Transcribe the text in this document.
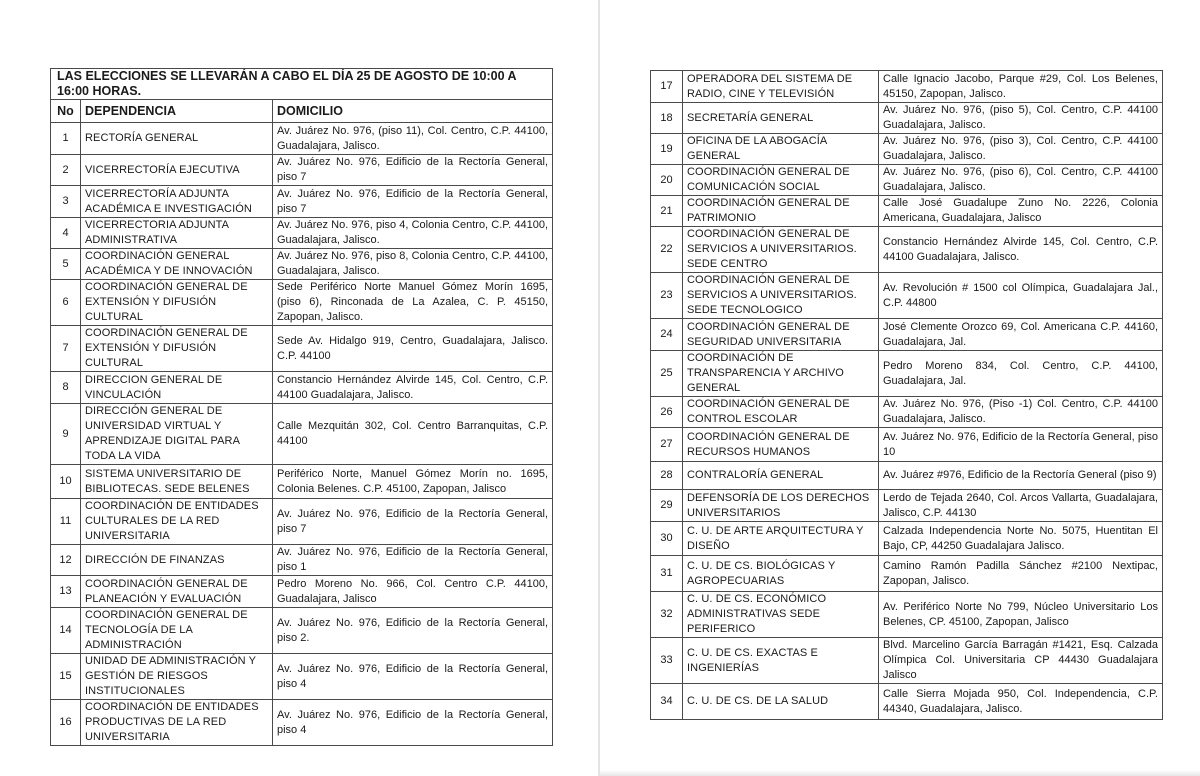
LAS ELECCIONES SE LLEVARÁN A CABO EL DÍA 25 DE AGOSTO DE 10:00 A 16:00 HORAS.		
No	DEPENDENCIA	DOMICILIO
1	RECTORÍA GENERAL	Av. Juárez No. 976, (piso 11), Col. Centro, C.P. 44100, Guadalajara, Jalisco.
2	VICERRECTORÍA EJECUTIVA	Av. Juárez No. 976, Edificio de la Rectoría General, piso 7
3	VICERRECTORÍA ADJUNTA ACADÉMICA E INVESTIGACIÓN	Av. Juárez No. 976, Edificio de la Rectoría General, piso 7
4	VICERRECTORIA ADJUNTA ADMINISTRATIVA	Av. Juárez No. 976, piso 4, Colonia Centro, C.P. 44100, Guadalajara, Jalisco.
5	COORDINACIÓN GENERAL ACADÉMICA Y DE INNOVACIÓN	Av. Juárez No. 976, piso 8, Colonia Centro, C.P. 44100, Guadalajara, Jalisco.
6	COORDINACIÓN GENERAL DE EXTENSIÓN Y DIFUSIÓN CULTURAL	Sede Periférico Norte Manuel Gómez Morín 1695, (piso 6), Rinconada de La Azalea, C. P. 45150, Zapopan, Jalisco.
7	COORDINACIÓN GENERAL DE EXTENSIÓN Y DIFUSIÓN CULTURAL	Sede Av. Hidalgo 919, Centro, Guadalajara, Jalisco. C.P. 44100
8	DIRECCION GENERAL DE VINCULACIÓN	Constancio Hernández Alvirde 145, Col. Centro, C.P. 44100 Guadalajara, Jalisco.
9	DIRECCIÓN GENERAL DE UNIVERSIDAD VIRTUAL Y APRENDIZAJE DIGITAL PARA TODA LA VIDA	Calle Mezquitán 302, Col. Centro Barranquitas, C.P. 44100
10	SISTEMA UNIVERSITARIO DE BIBLIOTECAS. SEDE BELENES	Periférico Norte, Manuel Gómez Morín no. 1695, Colonia Belenes. C.P. 45100, Zapopan, Jalisco
11	COORDINACIÓN DE ENTIDADES CULTURALES DE LA RED UNIVERSITARIA	Av. Juárez No. 976, Edificio de la Rectoría General, piso 7
12	DIRECCIÓN DE FINANZAS	Av. Juárez No. 976, Edificio de la Rectoría General, piso 1
13	COORDINACIÓN GENERAL DE PLANEACIÓN Y EVALUACIÓN	Pedro Moreno No. 966, Col. Centro C.P. 44100, Guadalajara, Jalisco
14	COORDINACIÓN GENERAL DE TECNOLOGÍA DE LA ADMINISTRACIÓN	Av. Juárez No. 976, Edificio de la Rectoría General, piso 2.
15	UNIDAD DE ADMINISTRACIÓN Y GESTIÓN DE RIESGOS INSTITUCIONALES	Av. Juárez No. 976, Edificio de la Rectoría General, piso 4
16	COORDINACIÓN DE ENTIDADES PRODUCTIVAS DE LA RED UNIVERSITARIA	Av. Juárez No. 976, Edificio de la Rectoría General, piso 4
17	OPERADORA DEL SISTEMA DE RADIO, CINE Y TELEVISIÓN	Calle Ignacio Jacobo, Parque #29, Col. Los Belenes, 45150, Zapopan, Jalisco.
18	SECRETARÍA GENERAL	Av. Juárez No. 976, (piso 5), Col. Centro, C.P. 44100 Guadalajara, Jalisco.
19	OFICINA DE LA ABOGACÍA GENERAL	Av. Juárez No. 976, (piso 3), Col. Centro, C.P. 44100 Guadalajara, Jalisco.
20	COORDINACIÓN GENERAL DE COMUNICACIÓN SOCIAL	Av. Juárez No. 976, (piso 6), Col. Centro, C.P. 44100 Guadalajara, Jalisco.
21	COORDINACIÓN GENERAL DE PATRIMONIO	Calle José Guadalupe Zuno No. 2226, Colonia Americana, Guadalajara, Jalisco
22	COORDINACIÓN GENERAL DE SERVICIOS A UNIVERSITARIOS. SEDE CENTRO	Constancio Hernández Alvirde 145, Col. Centro, C.P. 44100 Guadalajara, Jalisco.
23	COORDINACIÓN GENERAL DE SERVICIOS A UNIVERSITARIOS. SEDE TECNOLOGICO	Av. Revolución # 1500 col Olímpica, Guadalajara Jal., C.P. 44800
24	COORDINACIÓN GENERAL DE SEGURIDAD UNIVERSITARIA	José Clemente Orozco 69, Col. Americana C.P. 44160, Guadalajara, Jal.
25	COORDINACIÓN DE TRANSPARENCIA Y ARCHIVO GENERAL	Pedro Moreno 834, Col. Centro, C.P. 44100, Guadalajara, Jal.
26	COORDINACIÓN GENERAL DE CONTROL ESCOLAR	Av. Juárez No. 976, (Piso -1) Col. Centro, C.P. 44100 Guadalajara, Jalisco.
27	COORDINACIÓN GENERAL DE RECURSOS HUMANOS	Av. Juárez No. 976, Edificio de la Rectoría General, piso 10
28	CONTRALORÍA GENERAL	Av. Juárez #976, Edificio de la Rectoría General (piso 9)
29	DEFENSORÍA DE LOS DERECHOS UNIVERSITARIOS	Lerdo de Tejada 2640, Col. Arcos Vallarta, Guadalajara, Jalisco, C.P. 44130
30	C. U. DE ARTE ARQUITECTURA Y DISEÑO	Calzada Independencia Norte No. 5075, Huentitan El Bajo, CP, 44250 Guadalajara Jalisco.
31	C. U. DE CS. BIOLÓGICAS Y AGROPECUARIAS	Camino Ramón Padilla Sánchez #2100 Nextipac, Zapopan, Jalisco.
32	C. U. DE CS. ECONÓMICO ADMINISTRATIVAS SEDE PERIFERICO	Av. Periférico Norte No 799, Núcleo Universitario Los Belenes, CP. 45100, Zapopan, Jalisco
33	C. U. DE CS. EXACTAS E INGENIERÍAS	Blvd. Marcelino García Barragán #1421, Esq. Calzada Olímpica Col. Universitaria CP 44430 Guadalajara Jalisco
34	C. U. DE CS. DE LA SALUD	Calle Sierra Mojada 950, Col. Independencia, C.P. 44340, Guadalajara, Jalisco.
